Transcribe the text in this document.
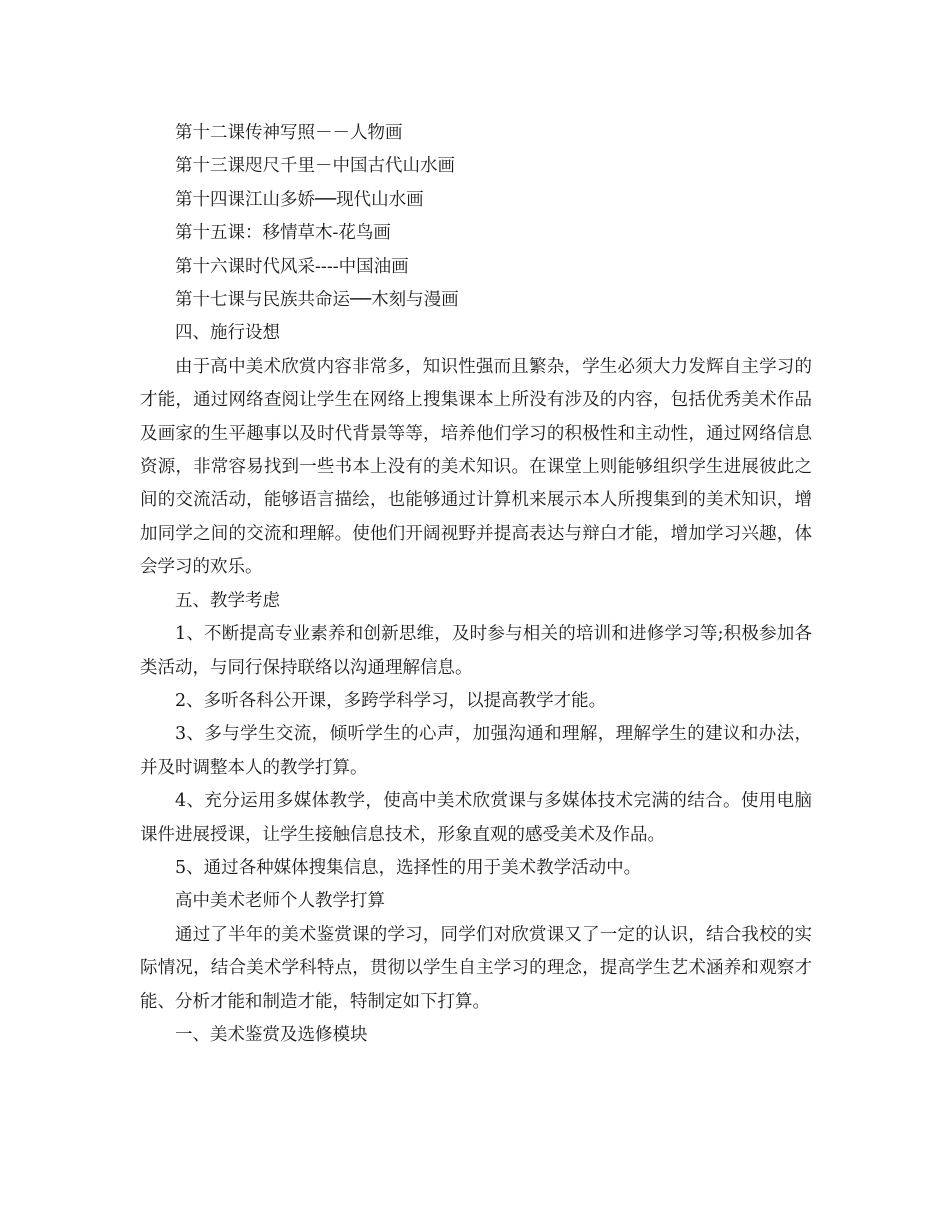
第十二课传神写照－－人物画

第十三课咫尺千里－中国古代山水画

第十四课江山多娇──现代山水画

第十五课：移情草木-花鸟画

第十六课时代风采----中国油画

第十七课与民族共命运──木刻与漫画

四、施行设想

由于高中美术欣赏内容非常多，知识性强而且繁杂，学生必须大力发辉自主学习的才能，通过网络查阅让学生在网络上搜集课本上所没有涉及的内容，包括优秀美术作品及画家的生平趣事以及时代背景等等，培养他们学习的积极性和主动性，通过网络信息资源，非常容易找到一些书本上没有的美术知识。在课堂上则能够组织学生进展彼此之间的交流活动，能够语言描绘，也能够通过计算机来展示本人所搜集到的美术知识，增加同学之间的交流和理解。使他们开阔视野并提高表达与辩白才能，增加学习兴趣，体会学习的欢乐。

五、教学考虑

1、不断提高专业素养和创新思维，及时参与相关的培训和进修学习等;积极参加各类活动，与同行保持联络以沟通理解信息。

2、多听各科公开课，多跨学科学习，以提高教学才能。

3、多与学生交流，倾听学生的心声，加强沟通和理解，理解学生的建议和办法，并及时调整本人的教学打算。

4、充分运用多媒体教学，使高中美术欣赏课与多媒体技术完满的结合。使用电脑课件进展授课，让学生接触信息技术，形象直观的感受美术及作品。

5、通过各种媒体搜集信息，选择性的用于美术教学活动中。

高中美术老师个人教学打算

通过了半年的美术鉴赏课的学习，同学们对欣赏课又了一定的认识，结合我校的实际情况，结合美术学科特点，贯彻以学生自主学习的理念，提高学生艺术涵养和观察才能、分析才能和制造才能，特制定如下打算。

一、美术鉴赏及选修模块
